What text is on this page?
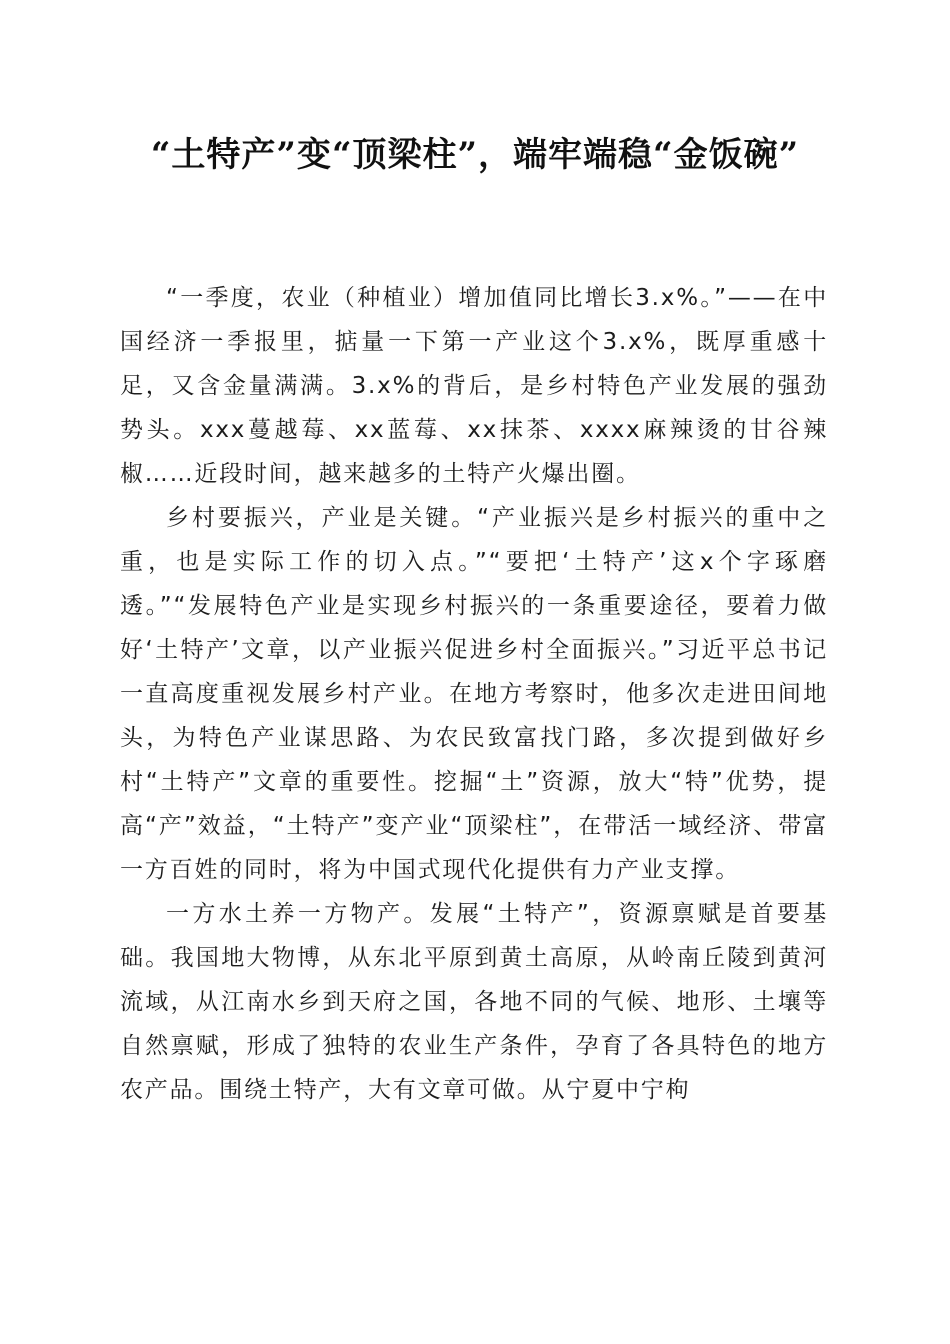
“土特产”变“顶梁柱”，端牢端稳“金饭碗”

“一季度，农业（种植业）增加值同比增长3.x%。”——在中国经济一季报里，掂量一下第一产业这个3.x%，既厚重感十足，又含金量满满。3.x%的背后，是乡村特色产业发展的强劲势头。xxx蔓越莓、xx蓝莓、xx抹茶、xxxx麻辣烫的甘谷辣椒……近段时间，越来越多的土特产火爆出圈。

乡村要振兴，产业是关键。“产业振兴是乡村振兴的重中之重，也是实际工作的切入点。”“要把‘土特产’这x个字琢磨透。”“发展特色产业是实现乡村振兴的一条重要途径，要着力做好‘土特产’文章，以产业振兴促进乡村全面振兴。”习近平总书记一直高度重视发展乡村产业。在地方考察时，他多次走进田间地头，为特色产业谋思路、为农民致富找门路，多次提到做好乡村“土特产”文章的重要性。挖掘“土”资源，放大“特”优势，提高“产”效益，“土特产”变产业“顶梁柱”，在带活一域经济、带富一方百姓的同时，将为中国式现代化提供有力产业支撑。

一方水土养一方物产。发展“土特产”，资源禀赋是首要基础。我国地大物博，从东北平原到黄土高原，从岭南丘陵到黄河流域，从江南水乡到天府之国，各地不同的气候、地形、土壤等自然禀赋，形成了独特的农业生产条件，孕育了各具特色的地方农产品。围绕土特产，大有文章可做。从宁夏中宁枸
